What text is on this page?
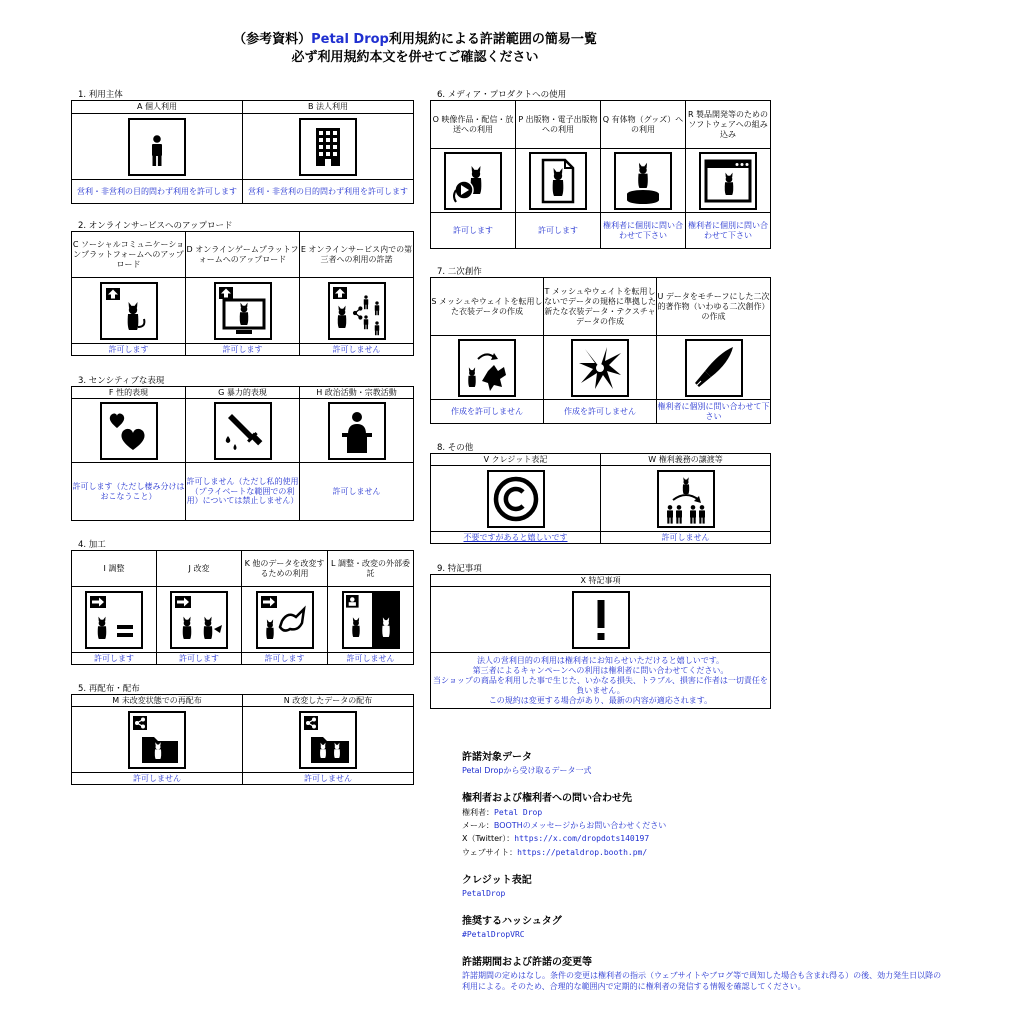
（参考資料）Petal Drop利用規約による許諾範囲の簡易一覧
必ず利用規約本文を併せてご確認ください
1. 利用主体
A 個人利用	B 法人利用

営利・非営利の目的問わず利用を許可します	営利・非営利の目的問わず利用を許可します
2. オンラインサービスへのアップロード
C ソーシャルコミュニケーションプラットフォームへのアップロード	D オンラインゲームプラットフォームへのアップロード	E オンラインサービス内での第三者への利用の許諾

許可します	許可します	許可しません
3. センシティブな表現
F 性的表現	G 暴力的表現	H 政治活動・宗教活動

許可します（ただし棲み分けはおこなうこと）	許可しません（ただし私的使用（プライベートな範囲での利用）については禁止しません）	許可しません
4. 加工
I 調整	J 改変	K 他のデータを改変するための利用	L 調整・改変の外部委託

許可します	許可します	許可します	許可しません
5. 再配布・配布
M 未改変状態での再配布	N 改変したデータの配布

許可しません	許可しません
6. メディア・プロダクトへの使用
O 映像作品・配信・放送への利用	P 出版物・電子出版物への利用	Q 有体物（グッズ）への利用	R 製品開発等のためのソフトウェアへの組み込み

許可します	許可します	権利者に個別に問い合わせて下さい	権利者に個別に問い合わせて下さい
7. 二次創作
S メッシュやウェイトを転用した衣装データの作成	T メッシュやウェイトを転用しないでデータの規格に準拠した新たな衣装データ・テクスチャデータの作成	U データをモチーフにした二次的著作物（いわゆる二次創作）の作成

作成を許可しません	作成を許可しません	権利者に個別に問い合わせて下さい
8. その他
V クレジット表記	W 権利義務の譲渡等

不要ですがあると嬉しいです	許可しません
9. 特記事項
X 特記事項

法人の営利目的の利用は権利者にお知らせいただけると嬉しいです。
第三者によるキャンペーンへの利用は権利者に問い合わせてください。
当ショップの商品を利用した事で生じた、いかなる損失、トラブル、損害に作者は一切責任を負いません。
この規約は変更する場合があり、最新の内容が適応されます。
許諾対象データ

Petal Dropから受け取るデータ一式

権利者および権利者への問い合わせ先

権利者：Petal Drop
メール：BOOTHのメッセージからお問い合わせください
X（Twitter）：https://x.com/dropdots140197
ウェブサイト：https://petaldrop.booth.pm/

クレジット表記

PetalDrop

推奨するハッシュタグ

#PetalDropVRC

許諾期間および許諾の変更等

許諾期間の定めはなし。条件の変更は権利者の指示（ウェブサイトやブログ等で周知した場合も含まれ得る）の後、効力発生日以降の利用による。そのため、合理的な範囲内で定期的に権利者の発信する情報を確認してください。
